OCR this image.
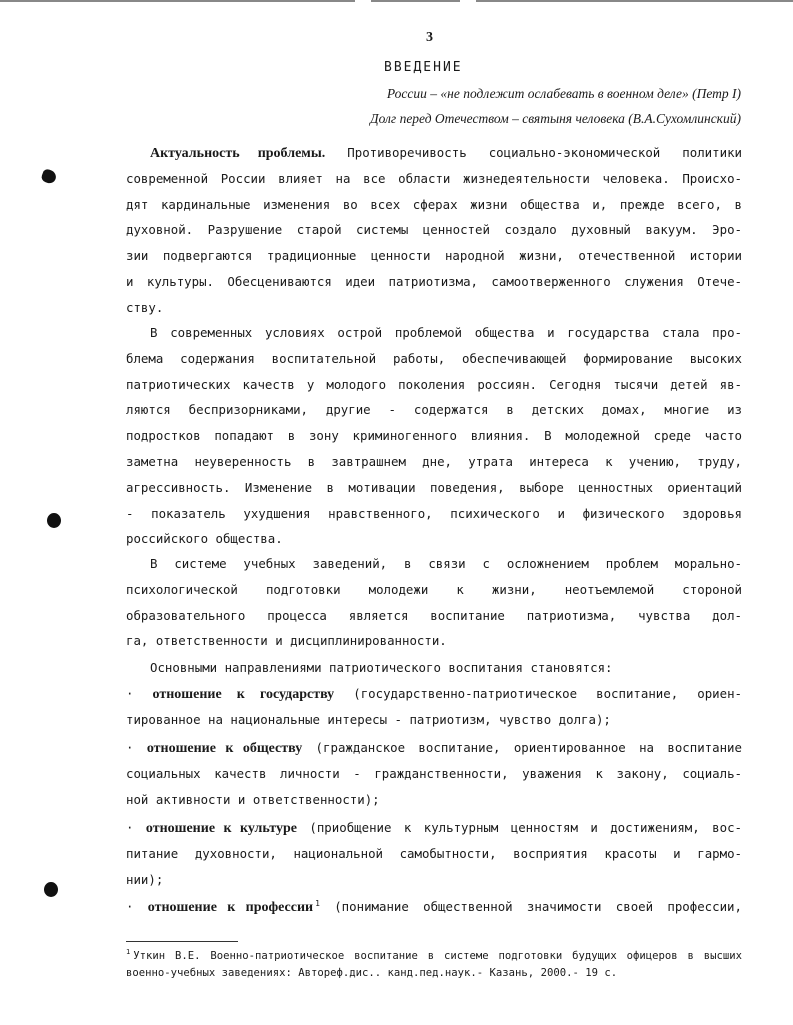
3
ВВЕДЕНИЕ
России – «не подлежит ослабевать в военном деле» (Петр I)
Долг перед Отечеством – святыня человека (В.А.Сухомлинский)
Актуальность проблемы. Противоречивость социально-экономической политики
современной России влияет на все области жизнедеятельности человека. Происхо-
дят кардинальные изменения во всех сферах жизни общества и, прежде всего, в
духовной. Разрушение старой системы ценностей создало духовный вакуум. Эро-
зии подвергаются традиционные ценности народной жизни, отечественной истории
и культуры. Обесцениваются идеи патриотизма, самоотверженного служения Отече-
ству.
В современных условиях острой проблемой общества и государства стала про-
блема содержания воспитательной работы, обеспечивающей формирование высоких
патриотических качеств у молодого поколения россиян. Сегодня тысячи детей яв-
ляются беспризорниками, другие - содержатся в детских домах, многие из
подростков попадают в зону криминогенного влияния. В молодежной среде часто
заметна неуверенность в завтрашнем дне, утрата интереса к учению, труду,
агрессивность. Изменение в мотивации поведения, выборе ценностных ориентаций
- показатель ухудшения нравственного, психического и физического здоровья
российского общества.
В системе учебных заведений, в связи с осложнением проблем морально-
психологической подготовки молодежи к жизни, неотъемлемой стороной
образовательного процесса является воспитание патриотизма, чувства дол-
га, ответственности и дисциплинированности.
Основными направлениями патриотического воспитания становятся:
· отношение к государству (государственно-патриотическое воспитание, ориен-
тированное на национальные интересы - патриотизм, чувство долга);
· отношение к обществу (гражданское воспитание, ориентированное на воспитание
социальных качеств личности - гражданственности, уважения к закону, социаль-
ной активности и ответственности);
· отношение к культуре (приобщение к культурным ценностям и достижениям, вос-
питание духовности, национальной самобытности, восприятия красоты и гармо-
нии);
· отношение к профессии $^1$ (понимание общественной значимости своей профессии,
$^1$ Уткин В.Е. Военно-патриотическое воспитание в системе подготовки будущих офицеров в высших
военно-учебных заведениях: Автореф.дис.. канд.пед.наук.- Казань, 2000.- 19 с.
